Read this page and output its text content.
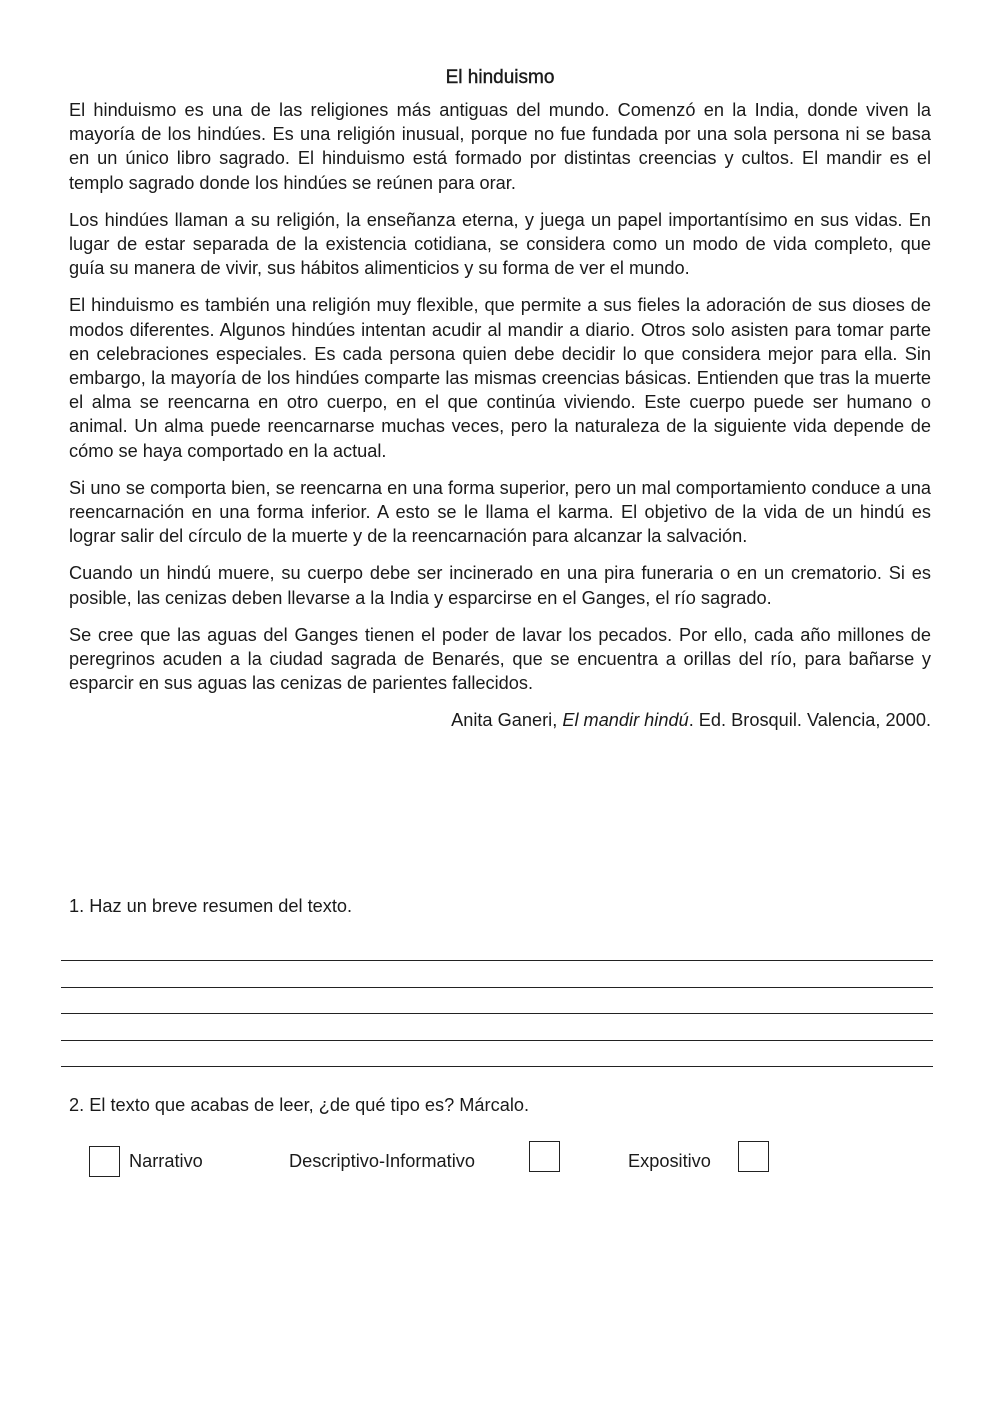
El hinduismo

El hinduismo es una de las religiones más antiguas del mundo. Comenzó en la India, donde viven la mayoría de los hindúes. Es una religión inusual, porque no fue fundada por una sola persona ni se basa en un único libro sagrado. El hinduismo está formado por distintas creencias y cultos. El mandir es el templo sagrado donde los hindúes se reúnen para orar.

Los hindúes llaman a su religión, la enseñanza eterna, y juega un papel importantísimo en sus vidas. En lugar de estar separada de la existencia cotidiana, se considera como un modo de vida completo, que guía su manera de vivir, sus hábitos alimenticios y su forma de ver el mundo.

El hinduismo es también una religión muy flexible, que permite a sus fieles la adoración de sus dioses de modos diferentes. Algunos hindúes intentan acudir al mandir a diario. Otros solo asisten para tomar parte en celebraciones especiales. Es cada persona quien debe decidir lo que considera mejor para ella. Sin embargo, la mayoría de los hindúes comparte las mismas creencias básicas. Entienden que tras la muerte el alma se reencarna en otro cuerpo, en el que continúa viviendo. Este cuerpo puede ser humano o animal. Un alma puede reencarnarse muchas veces, pero la naturaleza de la siguiente vida depende de cómo se haya comportado en la actual.

Si uno se comporta bien, se reencarna en una forma superior, pero un mal comportamiento conduce a una reencarnación en una forma inferior. A esto se le llama el karma. El objetivo de la vida de un hindú es lograr salir del círculo de la muerte y de la reencarnación para alcanzar la salvación.

Cuando un hindú muere, su cuerpo debe ser incinerado en una pira funeraria o en un crematorio. Si es posible, las cenizas deben llevarse a la India y esparcirse en el Ganges, el río sagrado.

Se cree que las aguas del Ganges tienen el poder de lavar los pecados. Por ello, cada año millones de peregrinos acuden a la ciudad sagrada de Benarés, que se encuentra a orillas del río, para bañarse y esparcir en sus aguas las cenizas de parientes fallecidos.

Anita Ganeri, El mandir hindú. Ed. Brosquil. Valencia, 2000.

1. Haz un breve resumen del texto.

2. El texto que acabas de leer, ¿de qué tipo es? Márcalo.

Narrativo	Descriptivo-Informativo	Expositivo
